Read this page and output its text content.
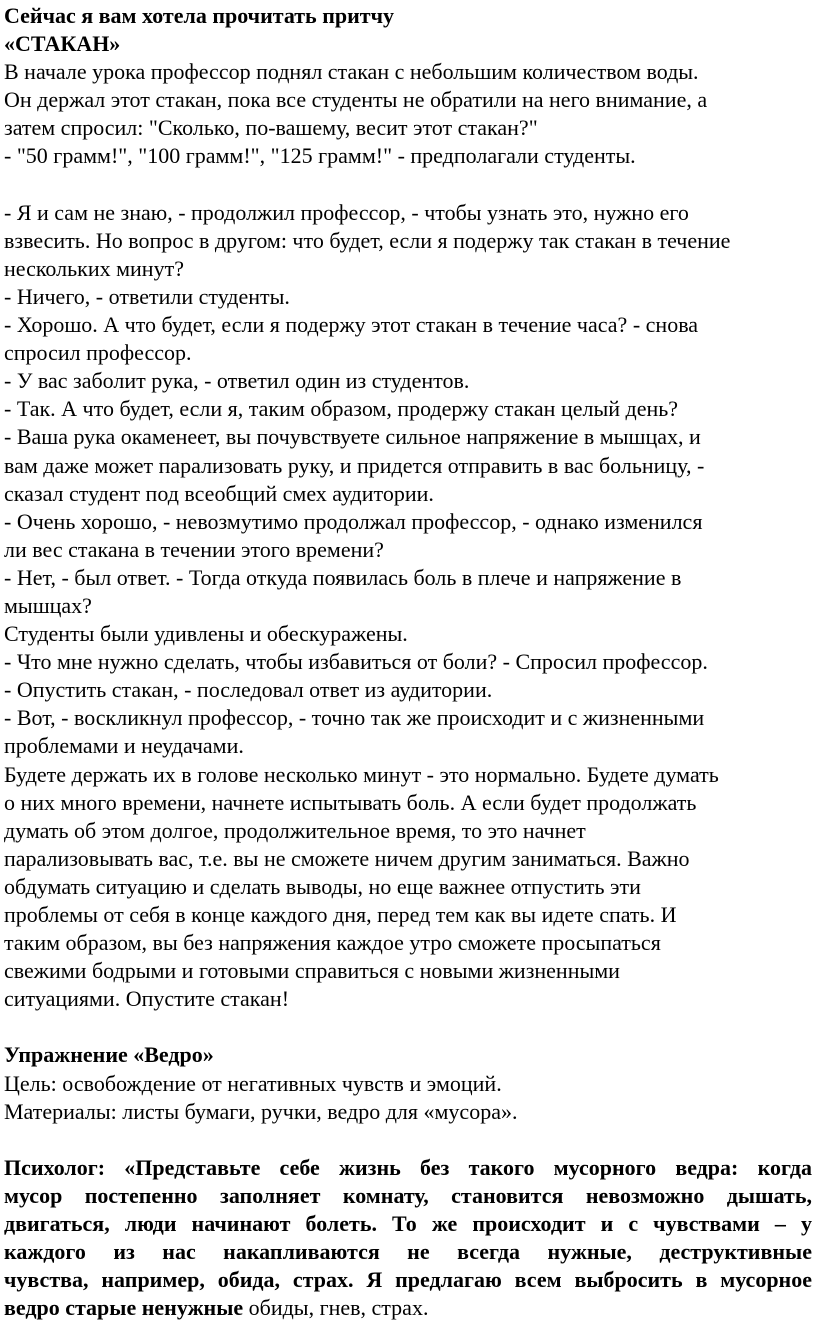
Сейчас я вам хотела прочитать притчу
«СТАКАН»
В начале урока профессор поднял стакан с небольшим количеством воды.
Он держал этот стакан, пока все студенты не обратили на него внимание, а
затем спросил: "Сколько, по-вашему, весит этот стакан?"
- "50 грамм!", "100 грамм!", "125 грамм!" - предполагали студенты.
- Я и сам не знаю, - продолжил профессор, - чтобы узнать это, нужно его
взвесить. Но вопрос в другом: что будет, если я подержу так стакан в течение
нескольких минут?
- Ничего, - ответили студенты.
- Хорошо. А что будет, если я подержу этот стакан в течение часа? - снова
спросил профессор.
- У вас заболит рука, - ответил один из студентов.
- Так. А что будет, если я, таким образом, продержу стакан целый день?
- Ваша рука окаменеет, вы почувствуете сильное напряжение в мышцах, и
вам даже может парализовать руку, и придется отправить в вас больницу, -
сказал студент под всеобщий смех аудитории.
- Очень хорошо, - невозмутимо продолжал профессор, - однако изменился
ли вес стакана в течении этого времени?
- Нет, - был ответ. - Тогда откуда появилась боль в плече и напряжение в
мышцах?
Студенты были удивлены и обескуражены.
- Что мне нужно сделать, чтобы избавиться от боли? - Спросил профессор.
- Опустить стакан, - последовал ответ из аудитории.
- Вот, - воскликнул профессор, - точно так же происходит и с жизненными
проблемами и неудачами.
Будете держать их в голове несколько минут - это нормально. Будете думать
о них много времени, начнете испытывать боль. А если будет продолжать
думать об этом долгое, продолжительное время, то это начнет
парализовывать вас, т.е. вы не сможете ничем другим заниматься. Важно
обдумать ситуацию и сделать выводы, но еще важнее отпустить эти
проблемы от себя в конце каждого дня, перед тем как вы идете спать. И
таким образом, вы без напряжения каждое утро сможете просыпаться
свежими бодрыми и готовыми справиться с новыми жизненными
ситуациями. Опустите стакан!
Упражнение «Ведро»
Цель: освобождение от негативных чувств и эмоций.
Материалы: листы бумаги, ручки, ведро для «мусора».
Психолог: «Представьте себе жизнь без такого мусорного ведра: когда
мусор постепенно заполняет комнату, становится невозможно дышать,
двигаться, люди начинают болеть. То же происходит и с чувствами – у
каждого из нас накапливаются не всегда нужные, деструктивные
чувства, например, обида, страх. Я предлагаю всем выбросить в мусорное
ведро старые ненужные обиды, гнев, страх.
